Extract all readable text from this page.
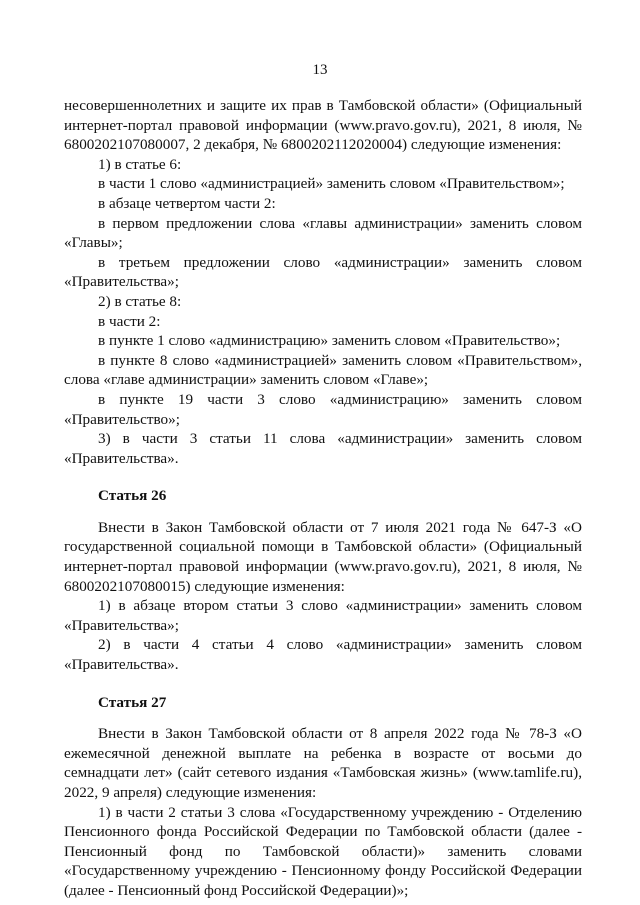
13

несовершеннолетних и защите их прав в Тамбовской области» (Официальный интернет-портал правовой информации (www.pravo.gov.ru), 2021, 8 июля, № 6800202107080007, 2 декабря, № 6800202112020004) следующие изменения:

1) в статье 6:

в части 1 слово «администрацией» заменить словом «Правительством»;

в абзаце четвертом части 2:

в первом предложении слова «главы администрации» заменить словом «Главы»;

в третьем предложении слово «администрации» заменить словом «Правительства»;

2) в статье 8:

в части 2:

в пункте 1 слово «администрацию» заменить словом «Правительство»;

в пункте 8 слово «администрацией» заменить словом «Правительством», слова «главе администрации» заменить словом «Главе»;

в пункте 19 части 3 слово «администрацию» заменить словом «Правительство»;

3) в части 3 статьи 11 слова «администрации» заменить словом «Правительства».

Статья 26

Внести в Закон Тамбовской области от 7 июля 2021 года № 647-З «О государственной социальной помощи в Тамбовской области» (Официальный интернет-портал правовой информации (www.pravo.gov.ru), 2021, 8 июля, № 6800202107080015) следующие изменения:

1) в абзаце втором статьи 3 слово «администрации» заменить словом «Правительства»;

2) в части 4 статьи 4 слово «администрации» заменить словом «Правительства».

Статья 27

Внести в Закон Тамбовской области от 8 апреля 2022 года № 78-З «О ежемесячной денежной выплате на ребенка в возрасте от восьми до семнадцати лет» (сайт сетевого издания «Тамбовская жизнь» (www.tamlife.ru), 2022, 9 апреля) следующие изменения:

1) в части 2 статьи 3 слова «Государственному учреждению - Отделению Пенсионного фонда Российской Федерации по Тамбовской области (далее - Пенсионный фонд по Тамбовской области)» заменить словами «Государственному учреждению - Пенсионному фонду Российской Федерации (далее - Пенсионный фонд Российской Федерации)»;
